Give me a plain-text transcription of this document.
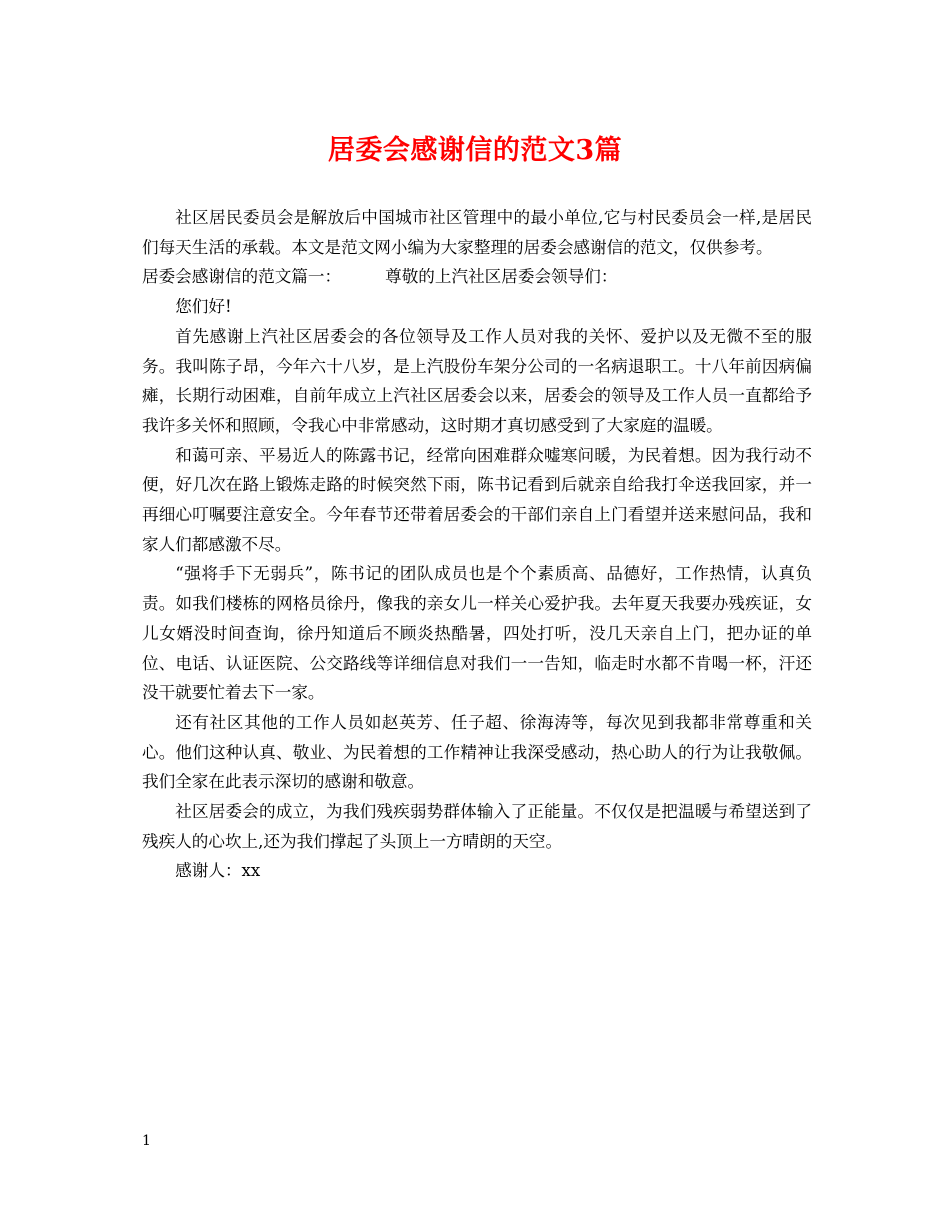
居委会感谢信的范文3篇

社区居民委员会是解放后中国城市社区管理中的最小单位,它与村民委员会一样,是居民们每天生活的承载。本文是范文网小编为大家整理的居委会感谢信的范文，仅供参考。

居委会感谢信的范文篇一：	尊敬的上汽社区居委会领导们：

您们好!

首先感谢上汽社区居委会的各位领导及工作人员对我的关怀、爱护以及无微不至的服务。我叫陈子昂，今年六十八岁，是上汽股份车架分公司的一名病退职工。十八年前因病偏瘫，长期行动困难，自前年成立上汽社区居委会以来，居委会的领导及工作人员一直都给予我许多关怀和照顾，令我心中非常感动，这时期才真切感受到了大家庭的温暖。

和蔼可亲、平易近人的陈露书记，经常向困难群众嘘寒问暖，为民着想。因为我行动不便，好几次在路上锻炼走路的时候突然下雨，陈书记看到后就亲自给我打伞送我回家，并一再细心叮嘱要注意安全。今年春节还带着居委会的干部们亲自上门看望并送来慰问品，我和家人们都感激不尽。

“强将手下无弱兵”，陈书记的团队成员也是个个素质高、品德好，工作热情，认真负责。如我们楼栋的网格员徐丹，像我的亲女儿一样关心爱护我。去年夏天我要办残疾证，女儿女婿没时间查询，徐丹知道后不顾炎热酷暑，四处打听，没几天亲自上门，把办证的单位、电话、认证医院、公交路线等详细信息对我们一一告知，临走时水都不肯喝一杯，汗还没干就要忙着去下一家。

还有社区其他的工作人员如赵英芳、任子超、徐海涛等，每次见到我都非常尊重和关心。他们这种认真、敬业、为民着想的工作精神让我深受感动，热心助人的行为让我敬佩。我们全家在此表示深切的感谢和敬意。

社区居委会的成立，为我们残疾弱势群体输入了正能量。不仅仅是把温暖与希望送到了残疾人的心坎上,还为我们撑起了头顶上一方晴朗的天空。

感谢人：xx

1
